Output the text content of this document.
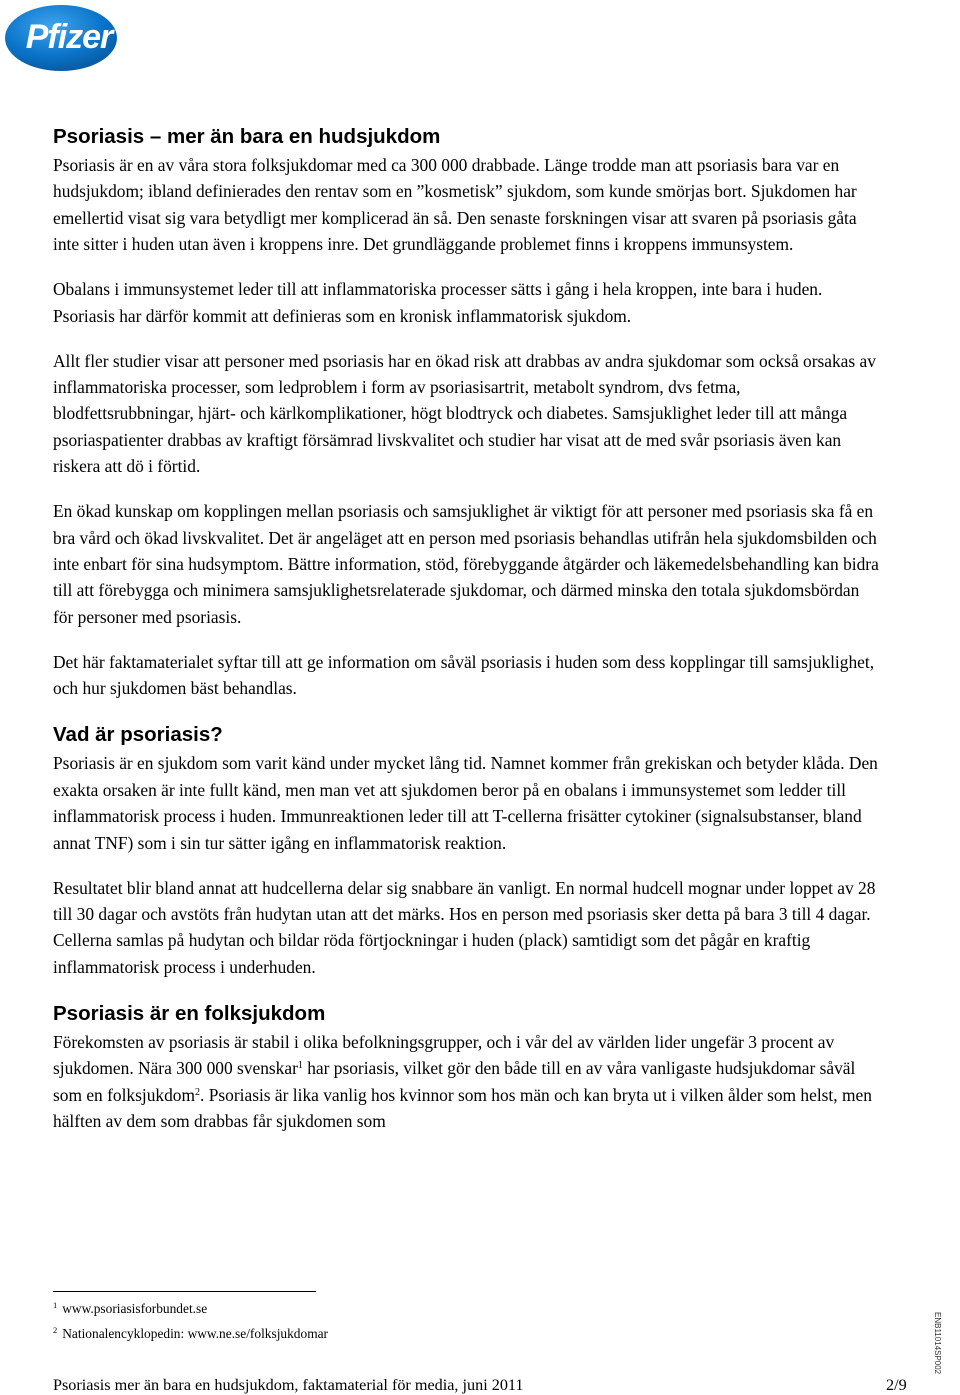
Pfizer
Psoriasis – mer än bara en hudsjukdom

Psoriasis är en av våra stora folksjukdomar med ca 300 000 drabbade. Länge trodde man att psoriasis bara var en hudsjukdom; ibland definierades den rentav som en ”kosmetisk” sjukdom, som kunde smörjas bort. Sjukdomen har emellertid visat sig vara betydligt mer komplicerad än så. Den senaste forskningen visar att svaren på psoriasis gåta inte sitter i huden utan även i kroppens inre. Det grundläggande problemet finns i kroppens immunsystem.

Obalans i immunsystemet leder till att inflammatoriska processer sätts i gång i hela kroppen, inte bara i huden. Psoriasis har därför kommit att definieras som en kronisk inflammatorisk sjukdom.

Allt fler studier visar att personer med psoriasis har en ökad risk att drabbas av andra sjukdomar som också orsakas av inflammatoriska processer, som ledproblem i form av psoriasisartrit, metabolt syndrom, dvs fetma, blodfettsrubbningar, hjärt- och kärlkomplikationer, högt blodtryck och diabetes. Samsjuklighet leder till att många psoriaspatienter drabbas av kraftigt försämrad livskvalitet och studier har visat att de med svår psoriasis även kan riskera att dö i förtid.

En ökad kunskap om kopplingen mellan psoriasis och samsjuklighet är viktigt för att personer med psoriasis ska få en bra vård och ökad livskvalitet. Det är angeläget att en person med psoriasis behandlas utifrån hela sjukdomsbilden och inte enbart för sina hudsymptom. Bättre information, stöd, förebyggande åtgärder och läkemedelsbehandling kan bidra till att förebygga och minimera samsjuklighetsrelaterade sjukdomar, och därmed minska den totala sjukdomsbördan för personer med psoriasis.

Det här faktamaterialet syftar till att ge information om såväl psoriasis i huden som dess kopplingar till samsjuklighet, och hur sjukdomen bäst behandlas.

Vad är psoriasis?

Psoriasis är en sjukdom som varit känd under mycket lång tid. Namnet kommer från grekiskan och betyder klåda. Den exakta orsaken är inte fullt känd, men man vet att sjukdomen beror på en obalans i immunsystemet som ledder till inflammatorisk process i huden. Immunreaktionen leder till att T-cellerna frisätter cytokiner (signalsubstanser, bland annat TNF) som i sin tur sätter igång en inflammatorisk reaktion.

Resultatet blir bland annat att hudcellerna delar sig snabbare än vanligt. En normal hudcell mognar under loppet av 28 till 30 dagar och avstöts från hudytan utan att det märks. Hos en person med psoriasis sker detta på bara 3 till 4 dagar. Cellerna samlas på hudytan och bildar röda förtjockningar i huden (plack) samtidigt som det pågår en kraftig inflammatorisk process i underhuden.

Psoriasis är en folksjukdom

Förekomsten av psoriasis är stabil i olika befolkningsgrupper, och i vår del av världen lider ungefär 3 procent av sjukdomen. Nära 300 000 svenskar$^1$ har psoriasis, vilket gör den både till en av våra vanligaste hudsjukdomar såväl som en folksjukdom$^2$. Psoriasis är lika vanlig hos kvinnor som hos män och kan bryta ut i vilken ålder som helst, men hälften av dem som drabbas får sjukdomen som

$^1$ www.psoriasisforbundet.se
$^2$ Nationalencyklopedin: www.ne.se/folksjukdomar	ENB11014SP002
Psoriasis mer än bara en hudsjukdom, faktamaterial för media, juni 2011	2/9
